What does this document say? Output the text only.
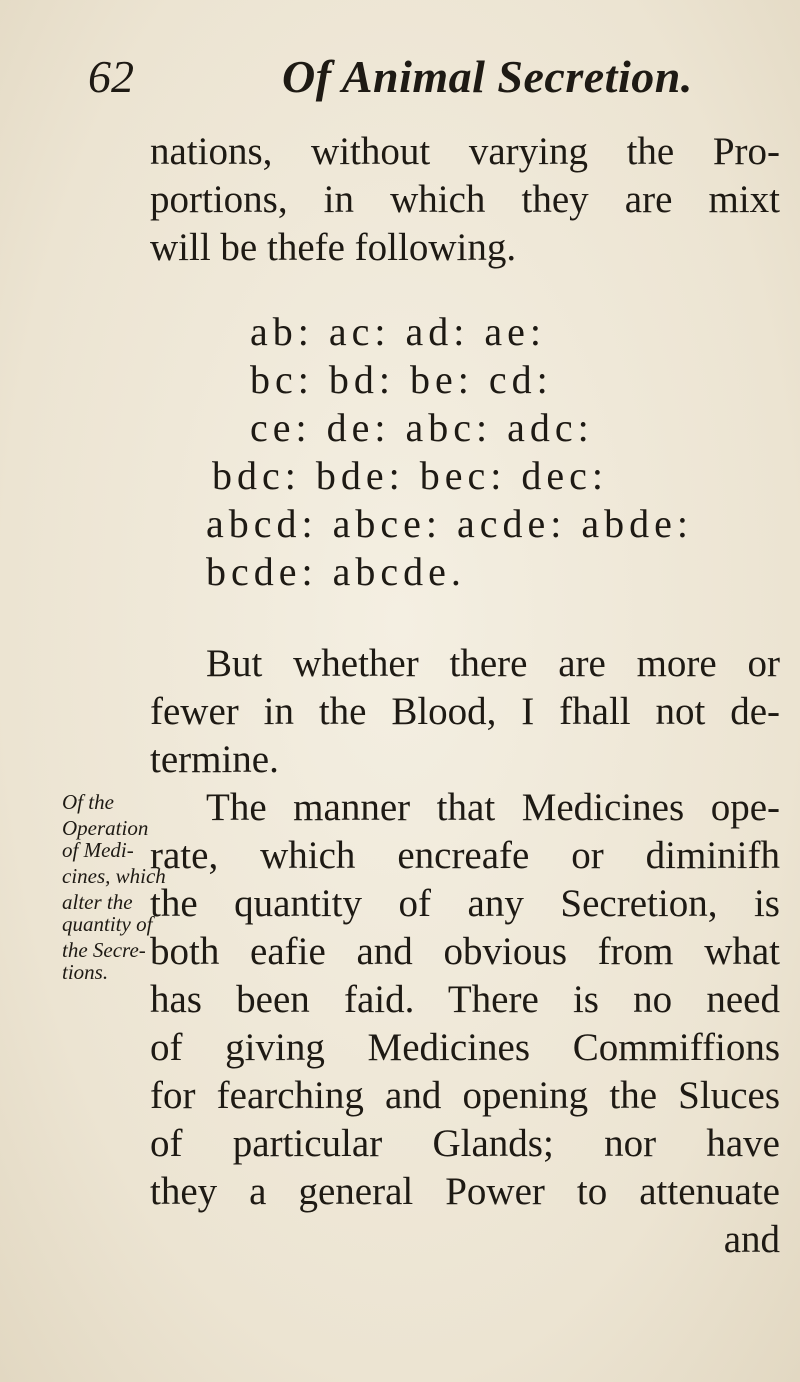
62	Of Animal Secretion.

nations, without varying the Pro-
portions, in which they are mixt
will be thefe following.

ab: ac: ad: ae:
bc: bd: be: cd:
ce: de: abc: adc:
bdc: bde: bec: dec:
abcd: abce: acde: abde:
bcde: abcde.

But whether there are more or
fewer in the Blood, I fhall not de-
termine.

Of the
Operation
of Medi-
cines, which
alter the
quantity of
the Secre-
tions.

The manner that Medicines ope-
rate, which encreafe or diminifh
the quantity of any Secretion, is
both eafie and obvious from what
has been faid. There is no need
of giving Medicines Commiffions
for fearching and opening the Sluces
of particular Glands; nor have
they a general Power to attenuate
and
